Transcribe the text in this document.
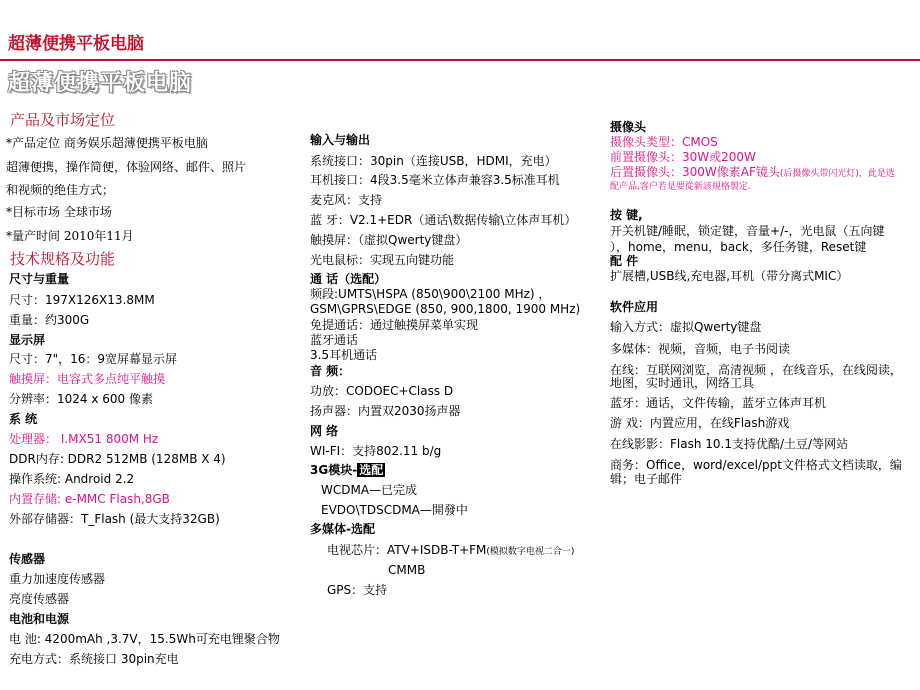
超薄便携平板电脑
超薄便携平板电脑
产品及市场定位
*产品定位 商务娱乐超薄便携平板电脑
超薄便携，操作简便，体验网络、邮件、照片
和视频的绝佳方式；
*目标市场 全球市场
*量产时间 2010年11月
技术规格及功能
尺寸与重量
尺寸：197X126X13.8MM
重量：约300G
显示屏
尺寸：7"，16：9宽屏幕显示屏
触摸屏：电容式多点纯平触摸
分辨率：1024 x 600 像素
系 统
处理器： I.MX51 800M Hz
DDR内存: DDR2 512MB (128MB X 4)
操作系统: Android 2.2
内置存储: e-MMC Flash,8GB
外部存储器：T_Flash (最大支持32GB)
传感器
重力加速度传感器
亮度传感器
电池和电源
电 池: 4200mAh ,3.7V，15.5Wh可充电锂聚合物
充电方式：系统接口 30pin充电
输入与输出
系统接口：30pin（连接USB，HDMI，充电）
耳机接口：4段3.5毫米立体声兼容3.5标准耳机
麦克风：支持
蓝 牙：V2.1+EDR（通话\数据传输\立体声耳机）
触摸屏：（虚拟Qwerty键盘）
光电鼠标：实现五向键功能
通 话（选配）
频段:UMTS\HSPA (850\900\2100 MHz) ，
GSM\GPRS\EDGE (850, 900,1800, 1900 MHz)
免提通话：通过触摸屏菜单实现
蓝牙通话
3.5耳机通话
音 频：
功放：CODOEC+Class D
扬声器：内置双2030扬声器
网 络
WI-FI：支持802.11 b/g
3G模块- 选配
WCDMA—已完成
EVDO\TDSCDMA—開發中
多媒体-选配
电视芯片：ATV+ISDB-T+FM(模拟数字电视二合一)
CMMB
GPS：支持
摄像头
摄像头类型：CMOS
前置摄像头：30W或200W
后置摄像头：300W像素AF镜头(后摄像头带闪光灯)，此是选
配产品,客户若是要從新該規格製定.
按 键,
开关机键/睡眠，锁定键，音量+/-，光电鼠（五向键
），home，menu，back，多任务键，Reset键
配 件
扩展槽,USB线,充电器,耳机（带分离式MIC）
软件应用
输入方式：虚拟Qwerty键盘
多媒体：视频，音频，电子书阅读
在线：互联网浏览，高清视频 ，在线音乐，在线阅读，
地图，实时通讯，网络工具
蓝牙：通话，文件传输，蓝牙立体声耳机
游 戏：内置应用，在线Flash游戏
在线影影：Flash 10.1支持优酷/土豆/等网站
商务：Office，word/excel/ppt文件格式文档读取，编
辑；电子邮件
